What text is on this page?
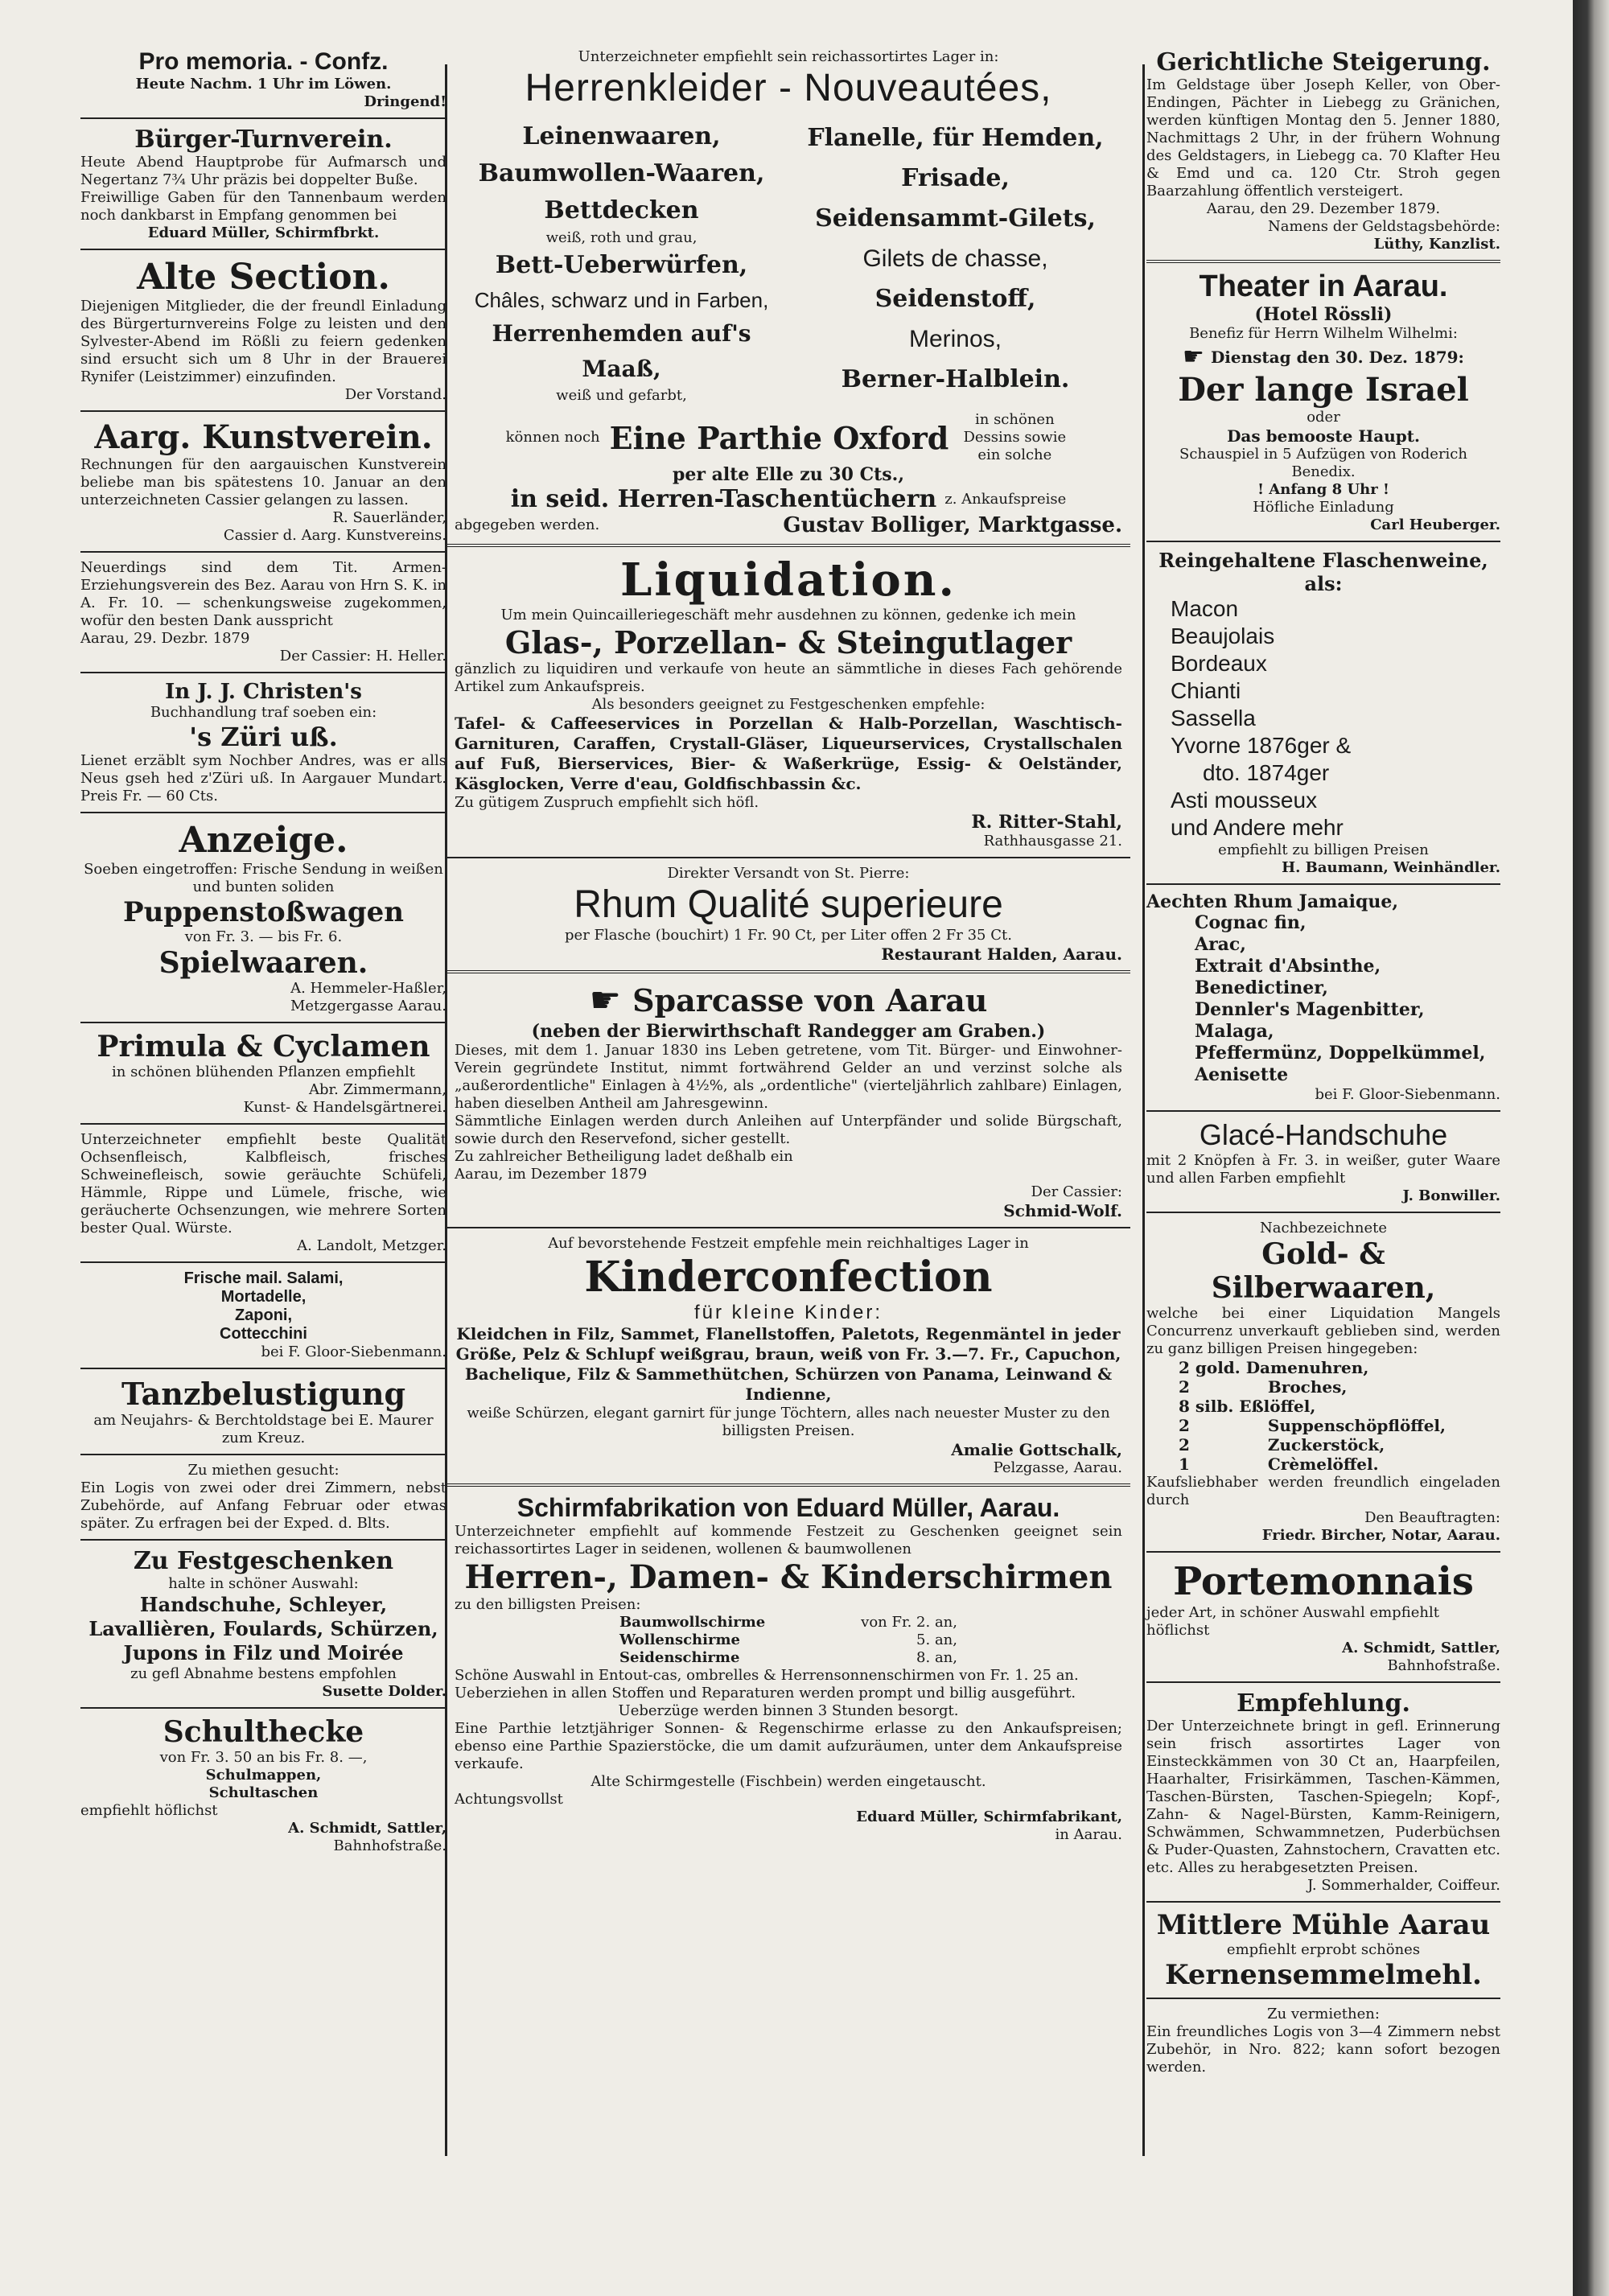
Pro memoria. - Confz.

Heute Nachm. 1 Uhr im Löwen.

Dringend!

Bürger-Turnverein.

Heute Abend Hauptprobe für Aufmarsch und Negertanz 7¾ Uhr präzis bei doppelter Buße.

Freiwillige Gaben für den Tannenbaum werden noch dankbarst in Empfang genommen bei

Eduard Müller, Schirmfbrkt.

Alte Section.

Diejenigen Mitglieder, die der freundl Einladung des Bürgerturnvereins Folge zu leisten und den Sylvester-Abend im Rößli zu feiern gedenken sind ersucht sich um 8 Uhr in der Brauerei Rynifer (Leistzimmer) einzufinden.

Der Vorstand.

Aarg. Kunstverein.

Rechnungen für den aargauischen Kunstverein beliebe man bis spätestens 10. Januar an den unterzeichneten Cassier gelangen zu lassen.

R. Sauerländer,

Cassier d. Aarg. Kunstvereins.

Neuerdings sind dem Tit. Armen-Erziehungsverein des Bez. Aarau von Hrn S. K. in A. Fr. 10. — schenkungsweise zugekommen, wofür den besten Dank ausspricht

Aarau, 29. Dezbr. 1879

Der Cassier: H. Heller.

In J. J. Christen's

Buchhandlung traf soeben ein:

's Züri uß.

Lienet erzäblt sym Nochber Andres, was er alls Neus gseh hed z'Züri uß. In Aargauer Mundart. Preis Fr. — 60 Cts.

Anzeige.

Soeben eingetroffen: Frische Sendung in weißen und bunten soliden

Puppenstoßwagen

von Fr. 3. — bis Fr. 6.

Spielwaaren.

A. Hemmeler-Haßler,

Metzgergasse Aarau.

Primula & Cyclamen

in schönen blühenden Pflanzen empfiehlt

Abr. Zimmermann,

Kunst- & Handelsgärtnerei.

Unterzeichneter empfiehlt beste Qualität Ochsenfleisch, Kalbfleisch, frisches Schweinefleisch, sowie geräuchte Schüfeli, Hämmle, Rippe und Lümele, frische, wie geräucherte Ochsenzungen, wie mehrere Sorten bester Qual. Würste.

A. Landolt, Metzger.

Frische mail. Salami,

Mortadelle,

Zaponi,

Cottecchini

bei F. Gloor-Siebenmann.

Tanzbelustigung

am Neujahrs- & Berchtoldstage bei E. Maurer zum Kreuz.

Zu miethen gesucht:

Ein Logis von zwei oder drei Zimmern, nebst Zubehörde, auf Anfang Februar oder etwas später. Zu erfragen bei der Exped. d. Blts.

Zu Festgeschenken

halte in schöner Auswahl:

Handschuhe, Schleyer, Lavallièren, Foulards, Schürzen, Jupons in Filz und Moirée

zu gefl Abnahme bestens empfohlen

Susette Dolder.

Schulthecke

von Fr. 3. 50 an bis Fr. 8. —,

Schulmappen,

Schultaschen

empfiehlt höflichst

A. Schmidt, Sattler,

Bahnhofstraße.

Unterzeichneter empfiehlt sein reichassortirtes Lager in:

Herrenkleider - Nouveautées,

Leinenwaaren,

Baumwollen-Waaren,

Bettdecken

weiß, roth und grau,

Bett-Ueberwürfen,

Châles, schwarz und in Farben,

Herrenhemden auf's Maaß,

weiß und gefarbt,

Flanelle, für Hemden,

Frisade,

Seidensammt-Gilets,

Gilets de chasse,

Seidenstoff,

Merinos,

Berner-Halblein.

können noch Eine Parthie Oxford	in schönen Dessins sowie ein solche

per alte Elle zu 30 Cts.,

in seid. Herren-Taschentüchern z. Ankaufspreise
abgegeben werden.	Gustav Bolliger, Marktgasse.

Liquidation.

Um mein Quincailleriegeschäft mehr ausdehnen zu können, gedenke ich mein

Glas-, Porzellan- & Steingutlager

gänzlich zu liquidiren und verkaufe von heute an sämmtliche in dieses Fach gehörende Artikel zum Ankaufspreis.

Als besonders geeignet zu Festgeschenken empfehle:

Tafel- & Caffeeservices in Porzellan & Halb-Porzellan, Waschtisch-Garnituren, Caraffen, Crystall-Gläser, Liqueurservices, Crystallschalen auf Fuß, Bierservices, Bier- & Waßerkrüge, Essig- & Oelständer, Käsglocken, Verre d'eau, Goldfischbassin &c.

Zu gütigem Zuspruch empfiehlt sich höfl.

R. Ritter-Stahl,

Rathhausgasse 21.

Direkter Versandt von St. Pierre:

Rhum Qualité superieure

per Flasche (bouchirt) 1 Fr. 90 Ct, per Liter offen 2 Fr 35 Ct.

Restaurant Halden, Aarau.

☛ Sparcasse von Aarau

(neben der Bierwirthschaft Randegger am Graben.)

Dieses, mit dem 1. Januar 1830 ins Leben getretene, vom Tit. Bürger- und Einwohner-Verein gegründete Institut, nimmt fortwährend Gelder an und verzinst solche als „außerordentliche" Einlagen à 4½%, als „ordentliche" (vierteljährlich zahlbare) Einlagen, haben dieselben Antheil am Jahresgewinn.

Sämmtliche Einlagen werden durch Anleihen auf Unterpfänder und solide Bürgschaft, sowie durch den Reservefond, sicher gestellt.

Zu zahlreicher Betheiligung ladet deßhalb ein

Aarau, im Dezember 1879

Der Cassier:

Schmid-Wolf.

Auf bevorstehende Festzeit empfehle mein reichhaltiges Lager in

Kinderconfection

für kleine Kinder:

Kleidchen in Filz, Sammet, Flanellstoffen, Paletots, Regenmäntel in jeder Größe, Pelz & Schlupf weißgrau, braun, weiß von Fr. 3.—7. Fr., Capuchon, Bachelique, Filz & Sammethütchen, Schürzen von Panama, Leinwand & Indienne,

weiße Schürzen, elegant garnirt für junge Töchtern, alles nach neuester Muster zu den billigsten Preisen.

Amalie Gottschalk,

Pelzgasse, Aarau.

Schirmfabrikation von Eduard Müller, Aarau.

Unterzeichneter empfiehlt auf kommende Festzeit zu Geschenken geeignet sein reichassortirtes Lager in seidenen, wollenen & baumwollenen

Herren-, Damen- & Kinderschirmen

zu den billigsten Preisen:

Baumwollschirme	von Fr. 2. an,
Wollenschirme	5. an,
Seidenschirme	8. an,

Schöne Auswahl in Entout-cas, ombrelles & Herrensonnenschirmen von Fr. 1. 25 an.

Ueberziehen in allen Stoffen und Reparaturen werden prompt und billig ausgeführt.

Ueberzüge werden binnen 3 Stunden besorgt.

Eine Parthie letztjähriger Sonnen- & Regenschirme erlasse zu den Ankaufspreisen; ebenso eine Parthie Spazierstöcke, die um damit aufzuräumen, unter dem Ankaufspreise verkaufe.

Alte Schirmgestelle (Fischbein) werden eingetauscht.

Achtungsvollst

Eduard Müller, Schirmfabrikant,

in Aarau.

Gerichtliche Steigerung.

Im Geldstage über Joseph Keller, von Ober-Endingen, Pächter in Liebegg zu Gränichen, werden künftigen Montag den 5. Jenner 1880, Nachmittags 2 Uhr, in der frühern Wohnung des Geldstagers, in Liebegg ca. 70 Klafter Heu & Emd und ca. 120 Ctr. Stroh gegen Baarzahlung öffentlich versteigert.

Aarau, den 29. Dezember 1879.

Namens der Geldstagsbehörde:

Lüthy, Kanzlist.

Theater in Aarau.

(Hotel Rössli)

Benefiz für Herrn Wilhelm Wilhelmi:

☛ Dienstag den 30. Dez. 1879:

Der lange Israel

oder

Das bemooste Haupt.

Schauspiel in 5 Aufzügen von Roderich Benedix.

! Anfang 8 Uhr !

Höfliche Einladung

Carl Heuberger.

Reingehaltene Flaschenweine, als:

Macon

Beaujolais

Bordeaux

Chianti

Sassella

Yvorne 1876ger &

dto. 1874ger

Asti mousseux

und Andere mehr

empfiehlt zu billigen Preisen

H. Baumann, Weinhändler.

Aechten Rhum Jamaique,

Cognac fin,

Arac,

Extrait d'Absinthe,

Benedictiner,

Dennler's Magenbitter,

Malaga,

Pfeffermünz, Doppelkümmel, Aenisette

bei F. Gloor-Siebenmann.

Glacé-Handschuhe

mit 2 Knöpfen à Fr. 3. in weißer, guter Waare und allen Farben empfiehlt

J. Bonwiller.

Nachbezeichnete

Gold- & Silberwaaren,

welche bei einer Liquidation Mangels Concurrenz unverkauft geblieben sind, werden zu ganz billigen Preisen hingegeben:

2 gold. Damenuhren,

2	Broches,

8 silb. Eßlöffel,

2	Suppenschöpflöffel,

2	Zuckerstöck,

1	Crèmelöffel.

Kaufsliebhaber werden freundlich eingeladen durch

Den Beauftragten:

Friedr. Bircher, Notar, Aarau.

Portemonnais

jeder Art, in schöner Auswahl empfiehlt höflichst

A. Schmidt, Sattler,

Bahnhofstraße.

Empfehlung.

Der Unterzeichnete bringt in gefl. Erinnerung sein frisch assortirtes Lager von Einsteckkämmen von 30 Ct an, Haarpfeilen, Haarhalter, Frisirkämmen, Taschen-Kämmen, Taschen-Bürsten, Taschen-Spiegeln; Kopf-, Zahn- & Nagel-Bürsten, Kamm-Reinigern, Schwämmen, Schwammnetzen, Puderbüchsen & Puder-Quasten, Zahnstochern, Cravatten etc. etc. Alles zu herabgesetzten Preisen.

J. Sommerhalder, Coiffeur.

Mittlere Mühle Aarau

empfiehlt erprobt schönes

Kernensemmelmehl.

Zu vermiethen:

Ein freundliches Logis von 3—4 Zimmern nebst Zubehör, in Nro. 822; kann sofort bezogen werden.
